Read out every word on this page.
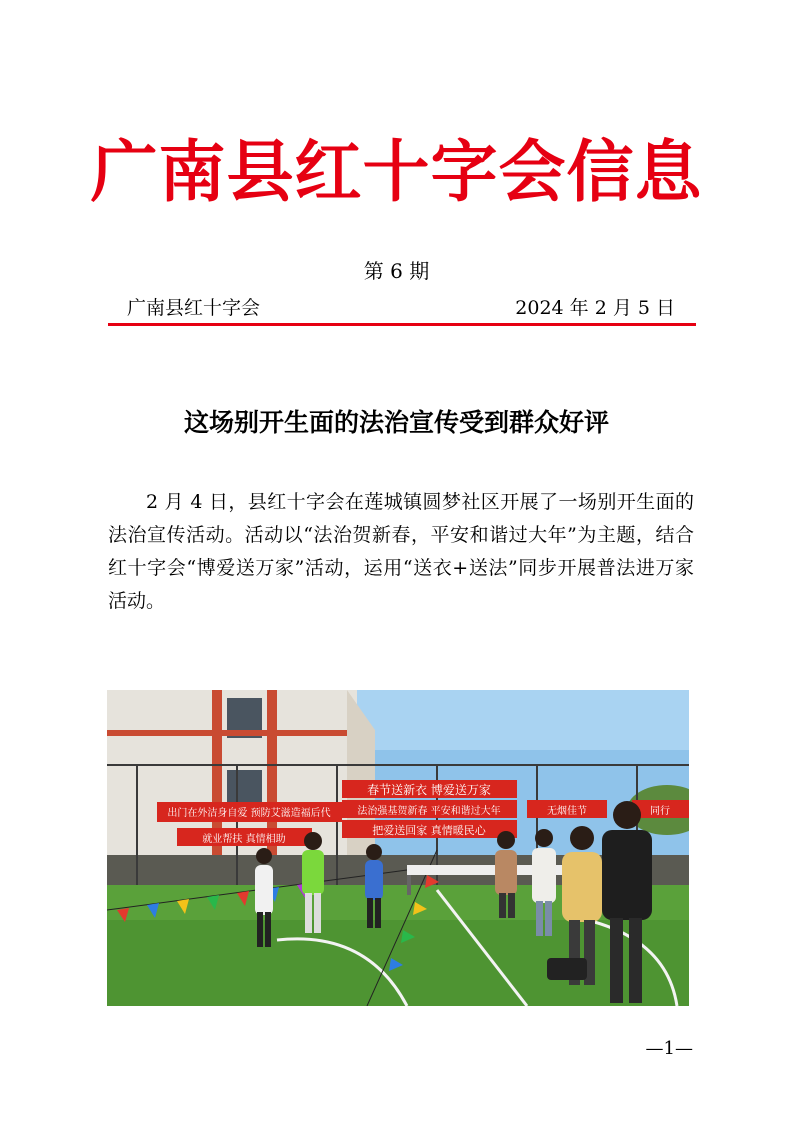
广南县红十字会信息
第 6 期
广南县红十字会	2024 年 2 月 5 日
这场别开生面的法治宣传受到群众好评

2 月 4 日，县红十字会在莲城镇圆梦社区开展了一场别开生面的法治宣传活动。活动以“法治贺新春，平安和谐过大年”为主题，结合红十字会“博爱送万家”活动，运用“送衣+送法”同步开展普法进万家活动。

春节送新衣 博爱送万家
法治强基贺新春 平安和谐过大年
把爱送回家 真情暖民心
出门在外洁身自爱 预防艾滋造福后代
就业帮扶 真情相助
无烟佳节	同行
—1—
